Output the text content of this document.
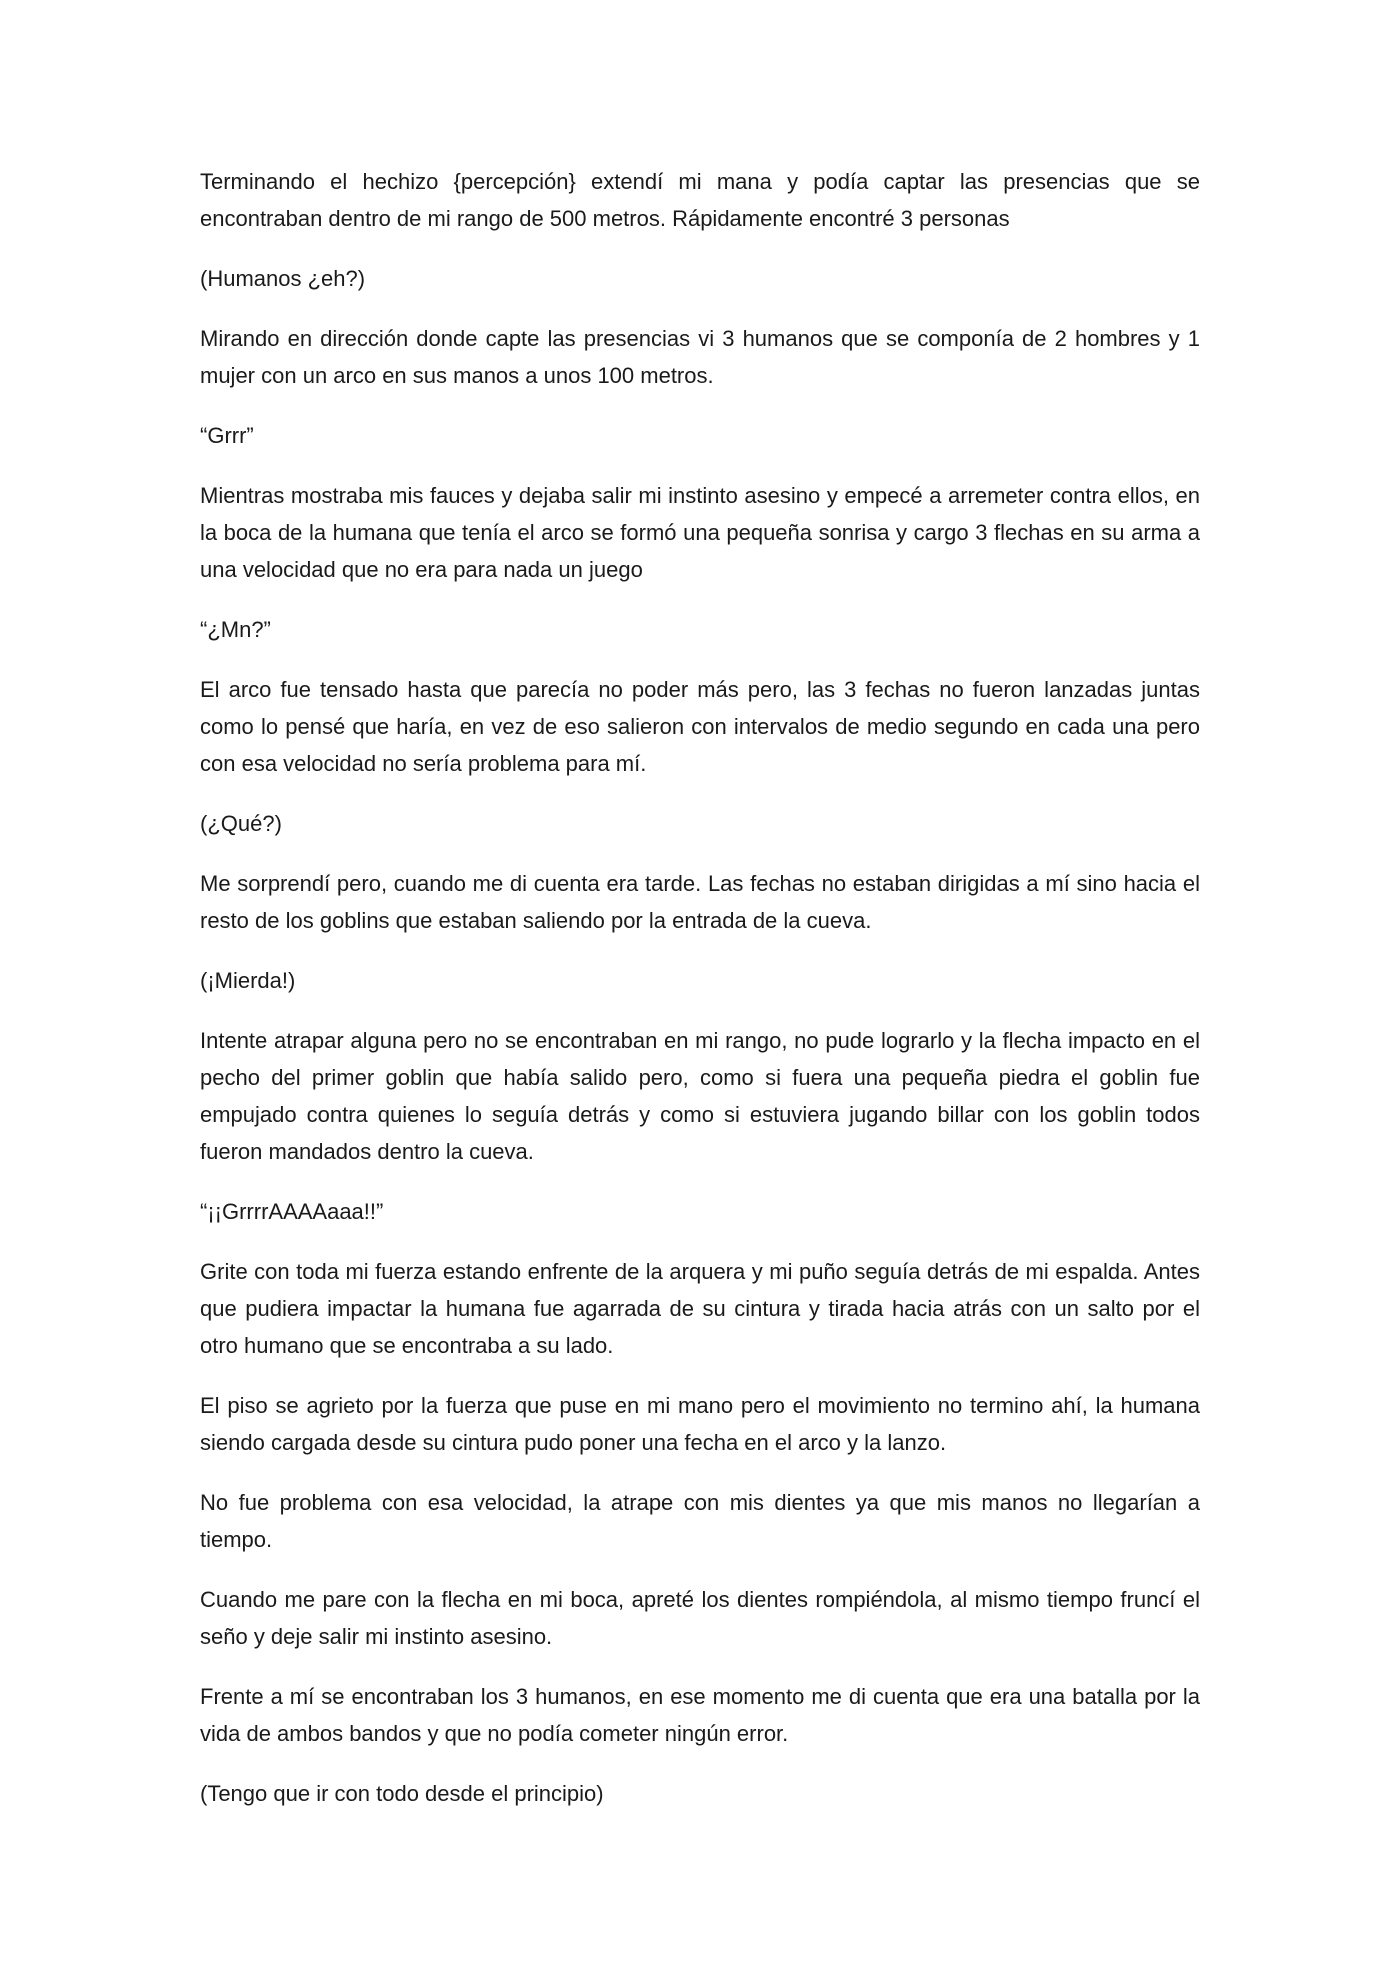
Terminando el hechizo {percepción} extendí mi mana y podía captar las presencias que se encontraban dentro de mi rango de 500 metros. Rápidamente encontré 3 personas

(Humanos ¿eh?)

Mirando en dirección donde capte las presencias vi 3 humanos que se componía de 2 hombres y 1 mujer con un arco en sus manos a unos 100 metros.

“Grrr”

Mientras mostraba mis fauces y dejaba salir mi instinto asesino y empecé a arremeter contra ellos, en la boca de la humana que tenía el arco se formó una pequeña sonrisa y cargo 3 flechas en su arma a una velocidad que no era para nada un juego

“¿Mn?”

El arco fue tensado hasta que parecía no poder más pero, las 3 fechas no fueron lanzadas juntas como lo pensé que haría, en vez de eso salieron con intervalos de medio segundo en cada una pero con esa velocidad no sería problema para mí.

(¿Qué?)

Me sorprendí pero, cuando me di cuenta era tarde. Las fechas no estaban dirigidas a mí sino hacia el resto de los goblins que estaban saliendo por la entrada de la cueva.

(¡Mierda!)

Intente atrapar alguna pero no se encontraban en mi rango, no pude lograrlo y la flecha impacto en el pecho del primer goblin que había salido pero, como si fuera una pequeña piedra el goblin fue empujado contra quienes lo seguía detrás y como si estuviera jugando billar con los goblin todos fueron mandados dentro la cueva.

“¡¡GrrrrAAAAaaa!!”

Grite con toda mi fuerza estando enfrente de la arquera y mi puño seguía detrás de mi espalda. Antes que pudiera impactar la humana fue agarrada de su cintura y tirada hacia atrás con un salto por el otro humano que se encontraba a su lado.

El piso se agrieto por la fuerza que puse en mi mano pero el movimiento no termino ahí, la humana siendo cargada desde su cintura pudo poner una fecha en el arco y la lanzo.

No fue problema con esa velocidad, la atrape con mis dientes ya que mis manos no llegarían a tiempo.

Cuando me pare con la flecha en mi boca, apreté los dientes rompiéndola, al mismo tiempo fruncí el seño y deje salir mi instinto asesino.

Frente a mí se encontraban los 3 humanos, en ese momento me di cuenta que era una batalla por la vida de ambos bandos y que no podía cometer ningún error.

(Tengo que ir con todo desde el principio)
